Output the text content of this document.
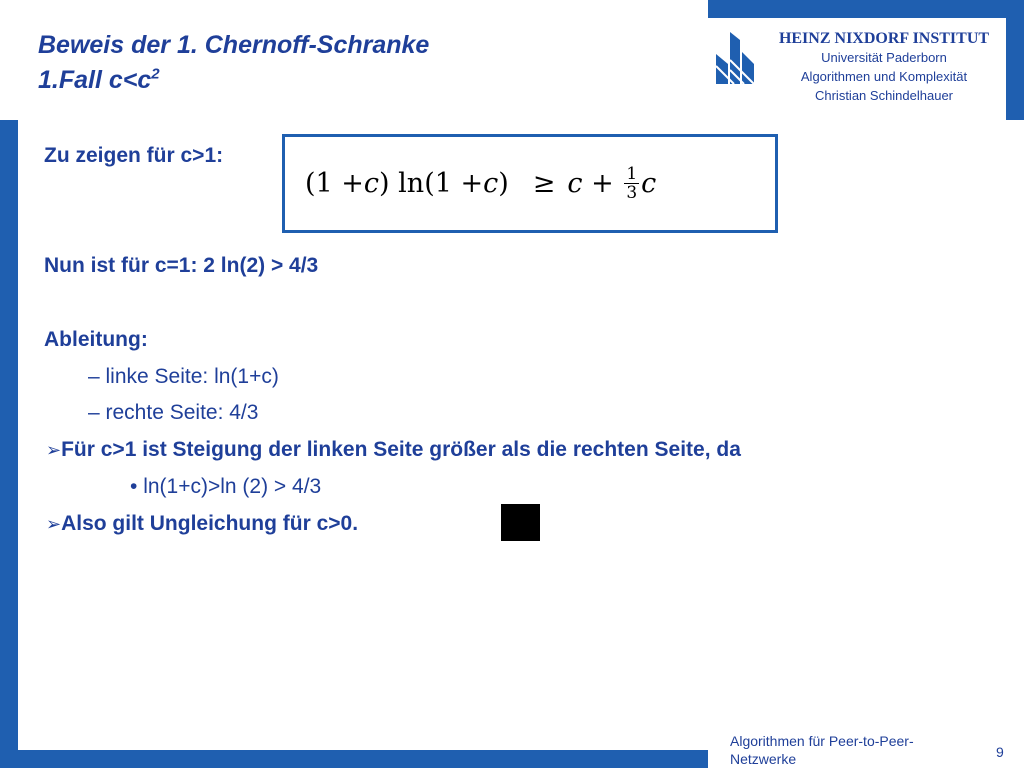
Beweis der 1. Chernoff-Schranke
1.Fall $c<c^2$
HEINZ NIXDORF INSTITUT
Universität Paderborn
Algorithmen und Komplexität
Christian Schindelhauer
Zu zeigen für c>1:
(1 + c ) ln(1 + c ) ≥ $c + \frac{1}{3}$ c
Nun ist für c=1: 2 ln(2) > 4/3
Ableitung:
– linke Seite: ln(1+c)
– rechte Seite: 4/3
➢Für c>1 ist Steigung der linken Seite größer als die rechten Seite, da
• ln(1+c)>ln (2) > 4/3
➢Also gilt Ungleichung für c>0.
Algorithmen für Peer-to-Peer-Netzwerke	9
